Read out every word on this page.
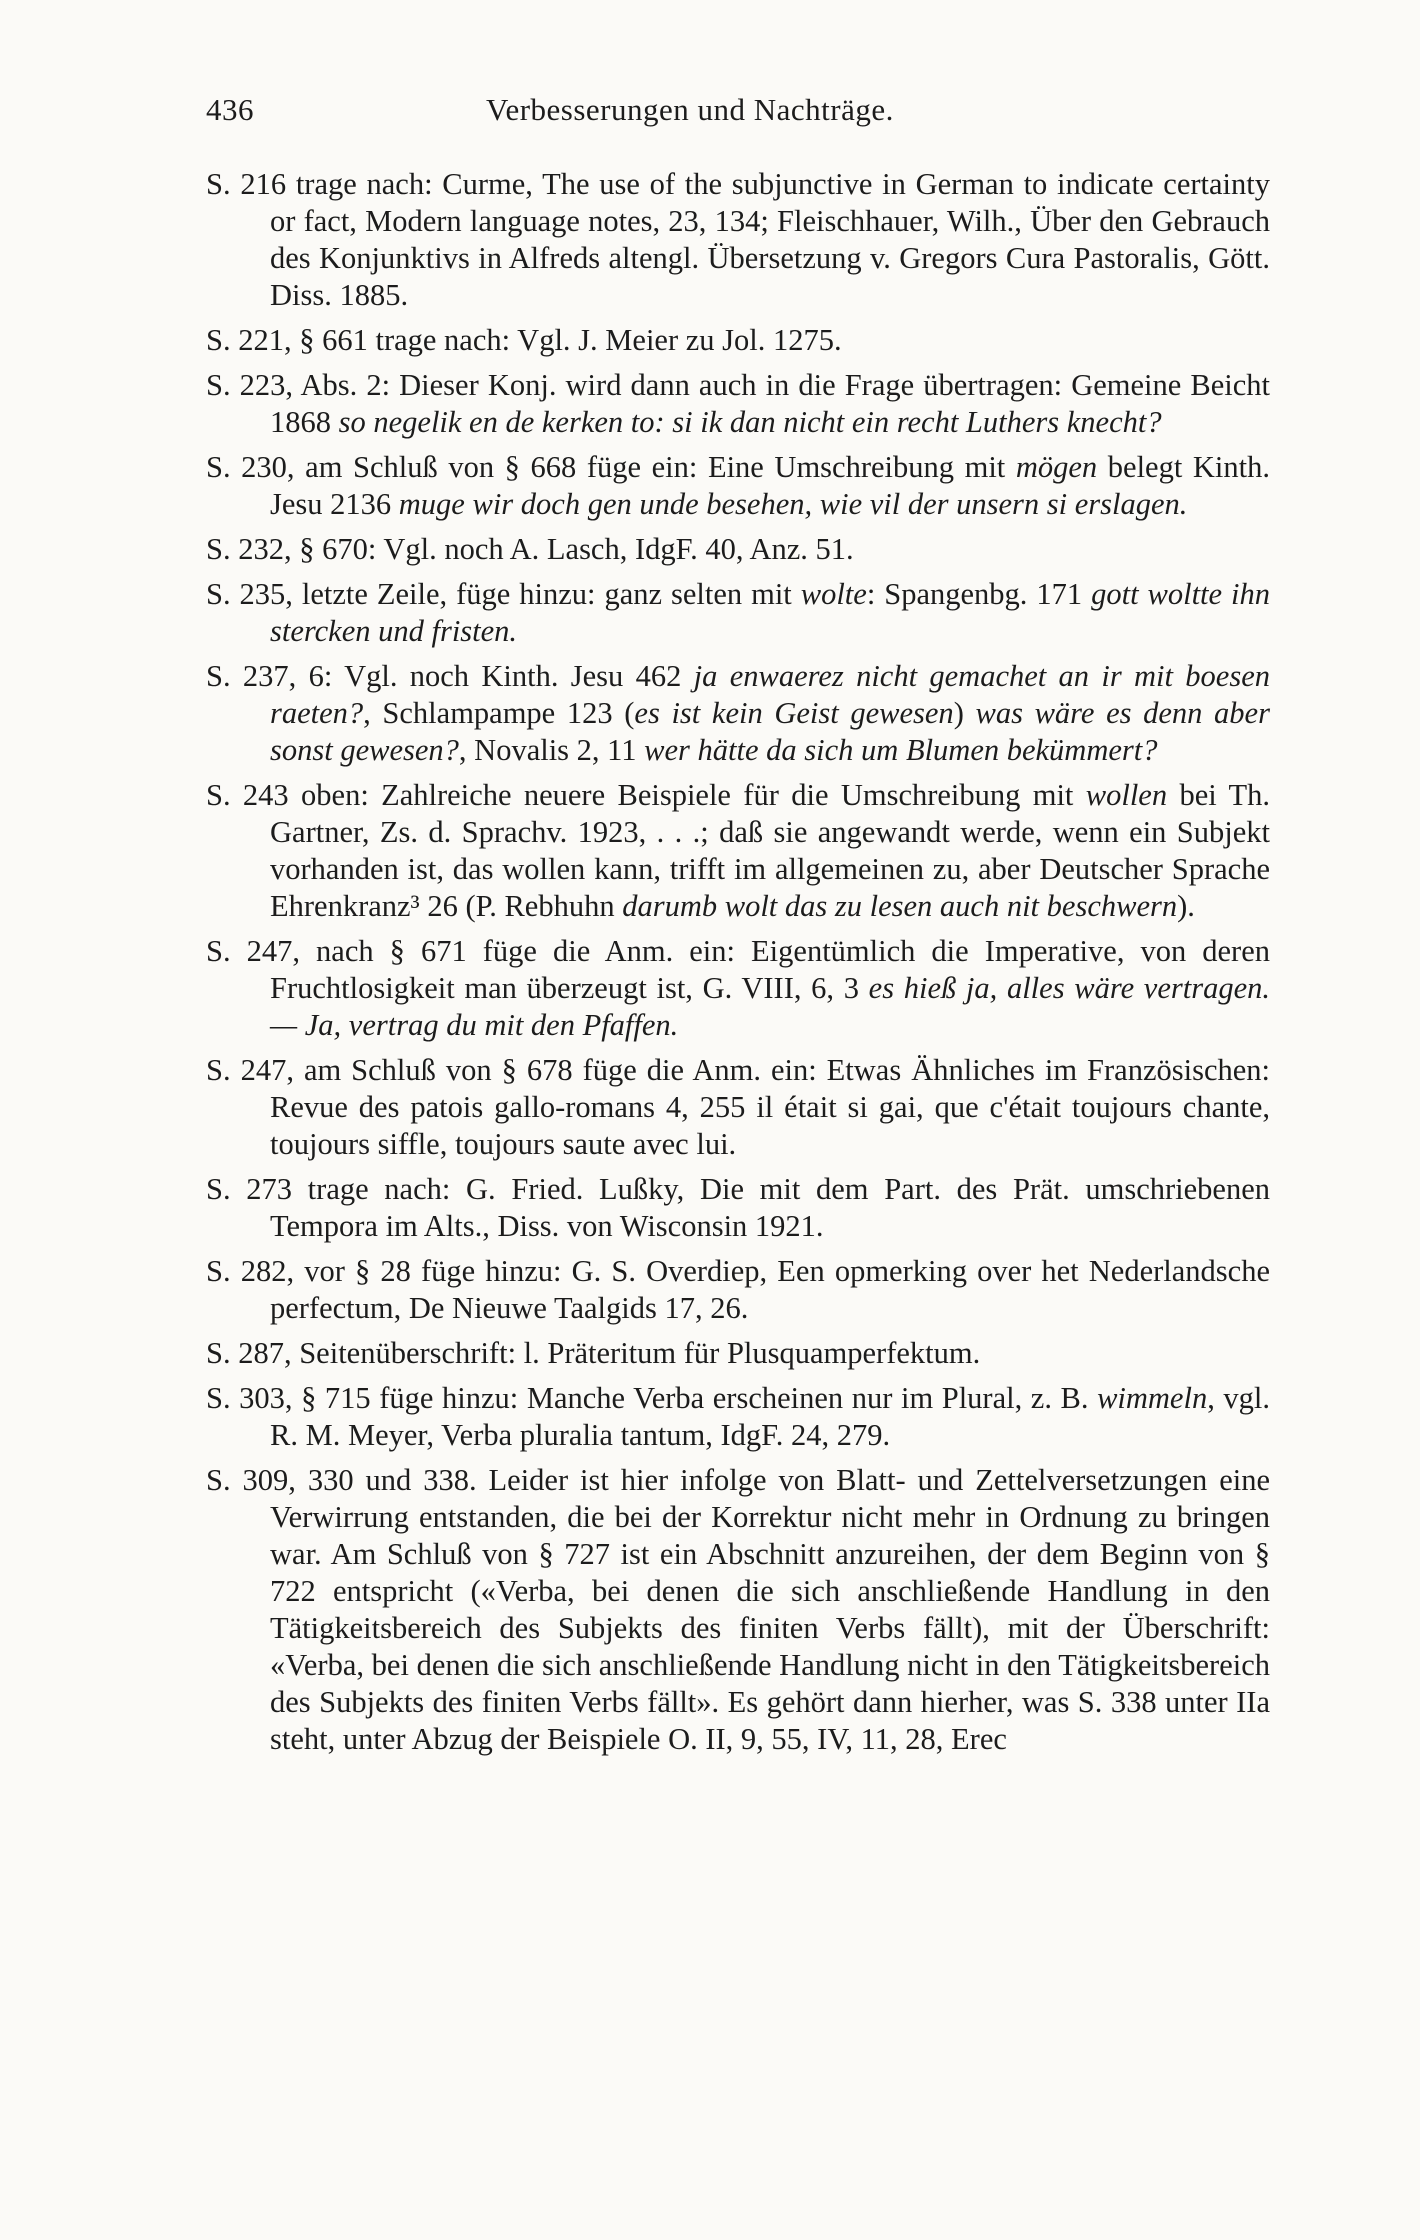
436	Verbesserungen und Nachträge.

S. 216 trage nach: Curme, The use of the subjunctive in German to indicate certainty or fact, Modern language notes, 23, 134; Fleischhauer, Wilh., Über den Gebrauch des Konjunktivs in Alfreds altengl. Übersetzung v. Gregors Cura Pastoralis, Gött. Diss. 1885.

S. 221, § 661 trage nach: Vgl. J. Meier zu Jol. 1275.

S. 223, Abs. 2: Dieser Konj. wird dann auch in die Frage übertragen: Gemeine Beicht 1868 so negelik en de kerken to: si ik dan nicht ein recht Luthers knecht?

S. 230, am Schluß von § 668 füge ein: Eine Umschreibung mit mögen belegt Kinth. Jesu 2136 muge wir doch gen unde besehen, wie vil der unsern si erslagen.

S. 232, § 670: Vgl. noch A. Lasch, IdgF. 40, Anz. 51.

S. 235, letzte Zeile, füge hinzu: ganz selten mit wolte: Spangenbg. 171 gott woltte ihn stercken und fristen.

S. 237, 6: Vgl. noch Kinth. Jesu 462 ja enwaerez nicht gemachet an ir mit boesen raeten?, Schlampampe 123 (es ist kein Geist gewesen) was wäre es denn aber sonst gewesen?, Novalis 2, 11 wer hätte da sich um Blumen bekümmert?

S. 243 oben: Zahlreiche neuere Beispiele für die Umschreibung mit wollen bei Th. Gartner, Zs. d. Sprachv. 1923, . . .; daß sie angewandt werde, wenn ein Subjekt vorhanden ist, das wollen kann, trifft im allgemeinen zu, aber Deutscher Sprache Ehrenkranz³ 26 (P. Rebhuhn darumb wolt das zu lesen auch nit beschwern).

S. 247, nach § 671 füge die Anm. ein: Eigentümlich die Imperative, von deren Fruchtlosigkeit man überzeugt ist, G. VIII, 6, 3 es hieß ja, alles wäre vertragen. — Ja, vertrag du mit den Pfaffen.

S. 247, am Schluß von § 678 füge die Anm. ein: Etwas Ähnliches im Französischen: Revue des patois gallo-romans 4, 255 il était si gai, que c'était toujours chante, toujours siffle, toujours saute avec lui.

S. 273 trage nach: G. Fried. Lußky, Die mit dem Part. des Prät. umschriebenen Tempora im Alts., Diss. von Wisconsin 1921.

S. 282, vor § 28 füge hinzu: G. S. Overdiep, Een opmerking over het Nederlandsche perfectum, De Nieuwe Taalgids 17, 26.

S. 287, Seitenüberschrift: l. Präteritum für Plusquamperfektum.

S. 303, § 715 füge hinzu: Manche Verba erscheinen nur im Plural, z. B. wimmeln, vgl. R. M. Meyer, Verba pluralia tantum, IdgF. 24, 279.

S. 309, 330 und 338. Leider ist hier infolge von Blatt- und Zettelversetzungen eine Verwirrung entstanden, die bei der Korrektur nicht mehr in Ordnung zu bringen war. Am Schluß von § 727 ist ein Abschnitt anzureihen, der dem Beginn von § 722 entspricht («Verba, bei denen die sich anschließende Handlung in den Tätigkeitsbereich des Subjekts des finiten Verbs fällt), mit der Überschrift: «Verba, bei denen die sich anschließende Handlung nicht in den Tätigkeitsbereich des Subjekts des finiten Verbs fällt». Es gehört dann hierher, was S. 338 unter IIa steht, unter Abzug der Beispiele O. II, 9, 55, IV, 11, 28, Erec
